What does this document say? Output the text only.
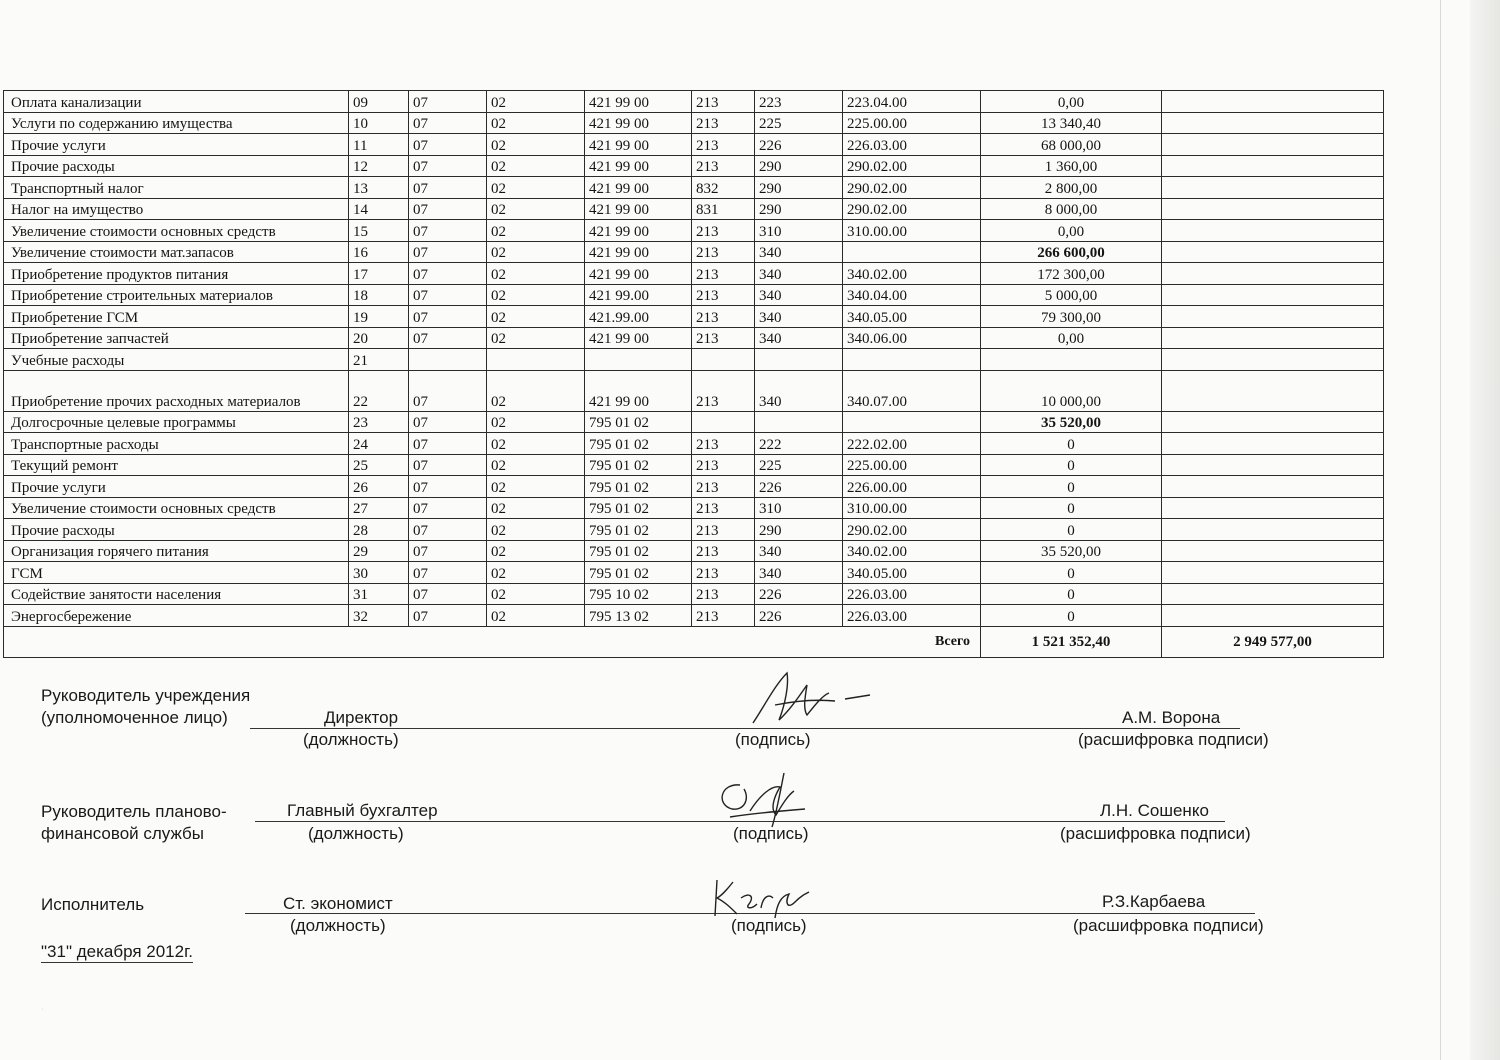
Оплата канализации	09	07	02	421 99 00	213	223	223.04.00	0,00	
Услуги по содержанию имущества	10	07	02	421 99 00	213	225	225.00.00	13 340,40	
Прочие услуги	11	07	02	421 99 00	213	226	226.03.00	68 000,00	
Прочие расходы	12	07	02	421 99 00	213	290	290.02.00	1 360,00	
Транспортный налог	13	07	02	421 99 00	832	290	290.02.00	2 800,00	
Налог на имущество	14	07	02	421 99 00	831	290	290.02.00	8 000,00	
Увеличение стоимости основных средств	15	07	02	421 99 00	213	310	310.00.00	0,00	
Увеличение стоимости мат.запасов	16	07	02	421 99 00	213	340		266 600,00	
Приобретение продуктов питания	17	07	02	421 99 00	213	340	340.02.00	172 300,00	
Приобретение строительных материалов	18	07	02	421 99.00	213	340	340.04.00	5 000,00	
Приобретение ГСМ	19	07	02	421.99.00	213	340	340.05.00	79 300,00	
Приобретение запчастей	20	07	02	421 99 00	213	340	340.06.00	0,00	
Учебные расходы	21								
Приобретение прочих расходных материалов	22	07	02	421 99 00	213	340	340.07.00	10 000,00	
Долгосрочные целевые программы	23	07	02	795 01 02				35 520,00	
Транспортные расходы	24	07	02	795 01 02	213	222	222.02.00	0	
Текущий ремонт	25	07	02	795 01 02	213	225	225.00.00	0	
Прочие услуги	26	07	02	795 01 02	213	226	226.00.00	0	
Увеличение стоимости основных средств	27	07	02	795 01 02	213	310	310.00.00	0	
Прочие расходы	28	07	02	795 01 02	213	290	290.02.00	0	
Организация горячего питания	29	07	02	795 01 02	213	340	340.02.00	35 520,00	
ГСМ	30	07	02	795 01 02	213	340	340.05.00	0	
Содействие занятости населения	31	07	02	795 10 02	213	226	226.03.00	0	
Энергосбережение	32	07	02	795 13 02	213	226	226.03.00	0	
Всего								1 521 352,40	2 949 577,00
Руководитель учреждения
(уполномоченное лицо)	Директор
(должность)	(подпись)
А.М. Ворона
(расшифровка подписи)
Руководитель планово-
финансовой службы
Главный бухгалтер
(должность)	(подпись)
Л.Н. Сошенко
(расшифровка подписи)
Исполнитель	Ст. экономист
(должность)	(подпись)
Р.З.Карбаева
(расшифровка подписи)
"31" декабря 2012г.
·
